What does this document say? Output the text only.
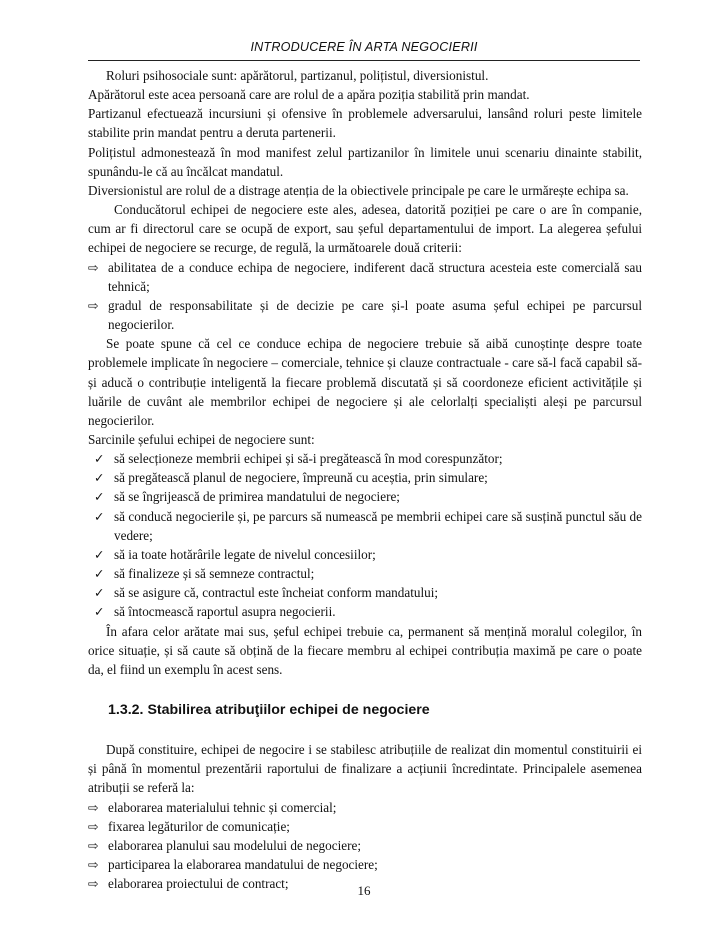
INTRODUCERE ÎN ARTA NEGOCIERII

Roluri psihosociale sunt: apărătorul, partizanul, polițistul, diversionistul.

Apărătorul este acea persoană care are rolul de a apăra poziția stabilită prin mandat.

Partizanul efectuează incursiuni și ofensive în problemele adversarului, lansând roluri peste limitele stabilite prin mandat pentru a deruta partenerii.

Polițistul admonestează în mod manifest zelul partizanilor în limitele unui scenariu dinainte stabilit, spunându-le că au încălcat mandatul.

Diversionistul are rolul de a distrage atenția de la obiectivele principale pe care le urmărește echipa sa.

Conducătorul echipei de negociere este ales, adesea, datorită poziției pe care o are în companie, cum ar fi directorul care se ocupă de export, sau șeful departamentului de import. La alegerea șefului echipei de negociere se recurge, de regulă, la următoarele două criterii:

⇨ abilitatea de a conduce echipa de negociere, indiferent dacă structura acesteia este comercială sau tehnică;
⇨ gradul de responsabilitate și de decizie pe care și-l poate asuma șeful echipei pe parcursul negocierilor.

Se poate spune că cel ce conduce echipa de negociere trebuie să aibă cunoștințe despre toate problemele implicate în negociere – comerciale, tehnice și clauze contractuale - care să-l facă capabil să-și aducă o contribuție inteligentă la fiecare problemă discutată și să coordoneze eficient activitățile și luările de cuvânt ale membrilor echipei de negociere și ale celorlalți specialiști aleși pe parcursul negocierilor.

Sarcinile șefului echipei de negociere sunt:

✓ să selecționeze membrii echipei și să-i pregătească în mod corespunzător;
✓ să pregătească planul de negociere, împreună cu aceștia, prin simulare;
✓ să se îngrijească de primirea mandatului de negociere;
✓ să conducă negocierile și, pe parcurs să numească pe membrii echipei care să susțină punctul său de vedere;
✓ să ia toate hotărârile legate de nivelul concesiilor;
✓ să finalizeze și să semneze contractul;
✓ să se asigure că, contractul este încheiat conform mandatului;
✓ să întocmească raportul asupra negocierii.

În afara celor arătate mai sus, șeful echipei trebuie ca, permanent să mențină moralul colegilor, în orice situație, și să caute să obțină de la fiecare membru al echipei contribuția maximă pe care o poate da, el fiind un exemplu în acest sens.

1.3.2. Stabilirea atribuţiilor echipei de negociere

După constituire, echipei de negocire i se stabilesc atribuțiile de realizat din momentul constituirii ei și până în momentul prezentării raportului de finalizare a acțiunii încredintate. Principalele asemenea atribuții se referă la:

⇨ elaborarea materialului tehnic și comercial;
⇨ fixarea legăturilor de comunicație;
⇨ elaborarea planului sau modelului de negociere;
⇨ participarea la elaborarea mandatului de negociere;
⇨ elaborarea proiectului de contract;	16
